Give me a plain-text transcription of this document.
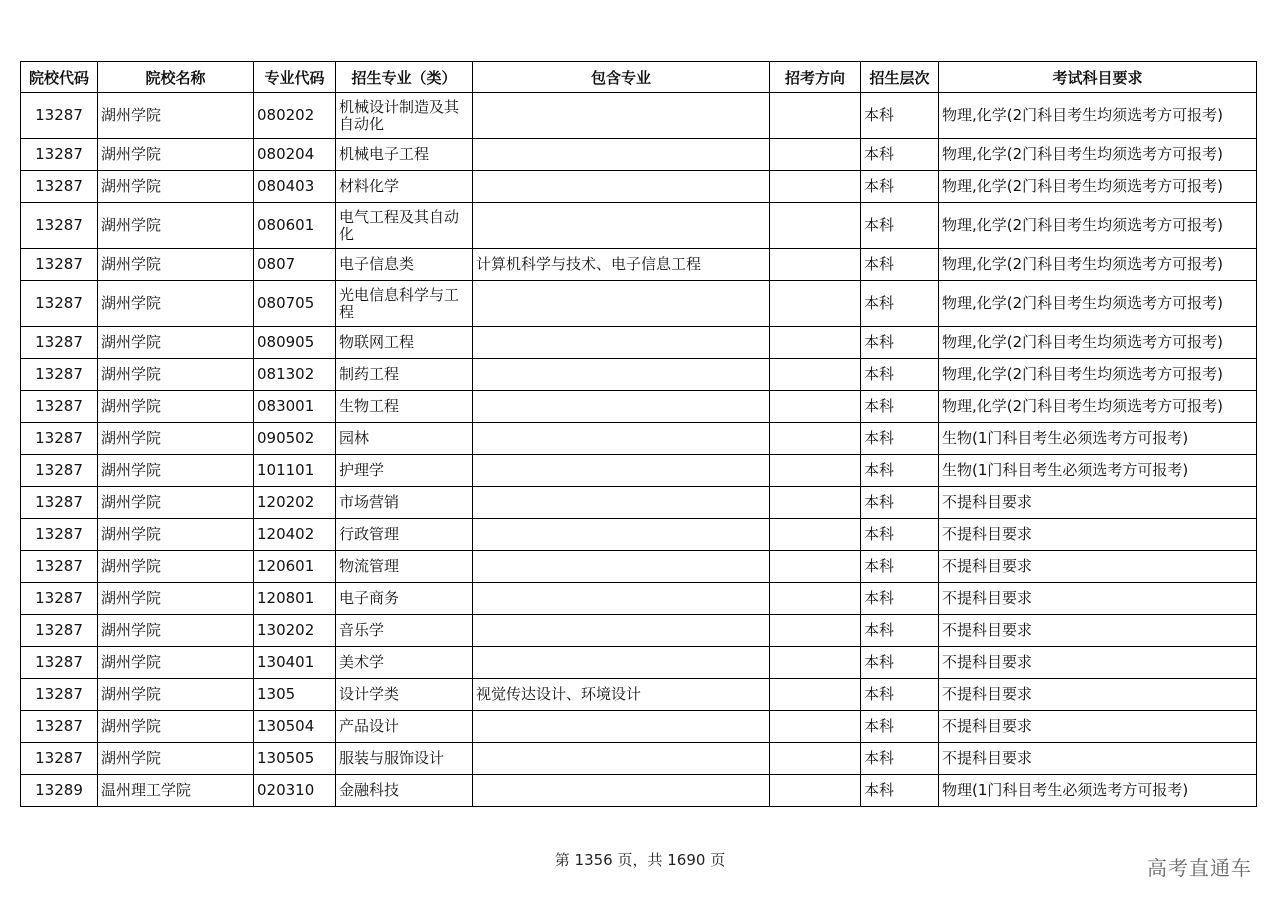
院校代码	院校名称	专业代码	招生专业（类）	包含专业	招考方向	招生层次	考试科目要求
13287	湖州学院	080202	机械设计制造及其自动化			本科	物理,化学(2门科目考生均须选考方可报考)
13287	湖州学院	080204	机械电子工程			本科	物理,化学(2门科目考生均须选考方可报考)
13287	湖州学院	080403	材料化学			本科	物理,化学(2门科目考生均须选考方可报考)
13287	湖州学院	080601	电气工程及其自动化			本科	物理,化学(2门科目考生均须选考方可报考)
13287	湖州学院	0807	电子信息类	计算机科学与技术、电子信息工程		本科	物理,化学(2门科目考生均须选考方可报考)
13287	湖州学院	080705	光电信息科学与工程			本科	物理,化学(2门科目考生均须选考方可报考)
13287	湖州学院	080905	物联网工程			本科	物理,化学(2门科目考生均须选考方可报考)
13287	湖州学院	081302	制药工程			本科	物理,化学(2门科目考生均须选考方可报考)
13287	湖州学院	083001	生物工程			本科	物理,化学(2门科目考生均须选考方可报考)
13287	湖州学院	090502	园林			本科	生物(1门科目考生必须选考方可报考)
13287	湖州学院	101101	护理学			本科	生物(1门科目考生必须选考方可报考)
13287	湖州学院	120202	市场营销			本科	不提科目要求
13287	湖州学院	120402	行政管理			本科	不提科目要求
13287	湖州学院	120601	物流管理			本科	不提科目要求
13287	湖州学院	120801	电子商务			本科	不提科目要求
13287	湖州学院	130202	音乐学			本科	不提科目要求
13287	湖州学院	130401	美术学			本科	不提科目要求
13287	湖州学院	1305	设计学类	视觉传达设计、环境设计		本科	不提科目要求
13287	湖州学院	130504	产品设计			本科	不提科目要求
13287	湖州学院	130505	服装与服饰设计			本科	不提科目要求
13289	温州理工学院	020310	金融科技			本科	物理(1门科目考生必须选考方可报考)
第 1356 页，共 1690 页	高考直通车
